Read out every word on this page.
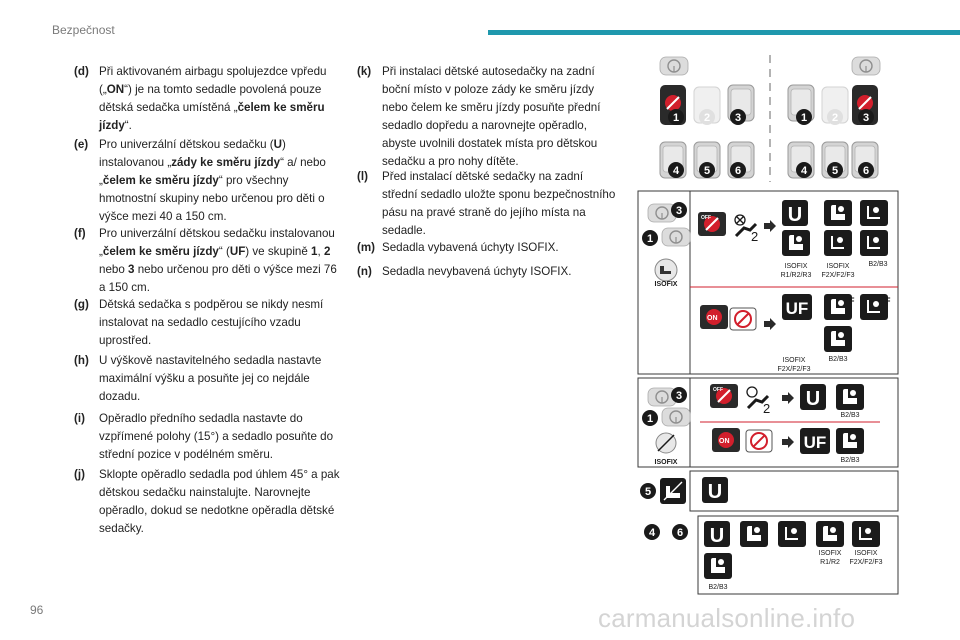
Bezpečnost
(d) Při aktivovaném airbagu spolujezdce vpředu („ON“) je na tomto sedadle povolená pouze dětská sedačka umístěná „čelem ke směru jízdy“.
(e) Pro univerzální dětskou sedačku (U) instalovanou „zády ke směru jízdy“ a/ nebo „čelem ke směru jízdy“ pro všechny hmotnostní skupiny nebo určenou pro děti o výšce mezi 40 a 150 cm.
(f)	Pro univerzální dětskou sedačku instalovanou „čelem ke směru jízdy“ (UF) ve skupině 1, 2 nebo 3 nebo určenou pro děti o výšce mezi 76 a 150 cm.
(g) Dětská sedačka s podpěrou se nikdy nesmí instalovat na sedadlo cestujícího vzadu uprostřed.
(h) U výškově nastavitelného sedadla nastavte maximální výšku a posuňte jej co nejdále dozadu.
(i)	Opěradlo předního sedadla nastavte do vzpřímené polohy (15°) a sedadlo posuňte do střední pozice v podélném směru.
(j)	Sklopte opěradlo sedadla pod úhlem 45° a pak dětskou sedačku nainstalujte. Narovnejte opěradlo, dokud se nedotkne opěradla dětské sedačky.
(k) Při instalaci dětské autosedačky na zadní boční místo v poloze zády ke směru jízdy nebo čelem ke směru jízdy posuňte přední sedadlo dopředu a narovnejte opěradlo, abyste uvolnili dostatek místa pro dětskou sedačku a pro nohy dítěte.
(l)	Před instalací dětské sedačky na zadní střední sedadlo uložte sponu bezpečnostního pásu na pravé straně do jejího místa na sedadle.
(m) Sedadla vybavená úchyty ISOFIX.
(n) Sedadla nevybavená úchyty ISOFIX.
OFF
ON
1 2 3
4 5 6
1 2 3
4 5 6
3
1
ISOFIX
2
U
ISOFIX
R1/R2/R3
ISOFIX
F2X/F2/F3
B2/B3
UF	F	F
ISOFIX
F2X/F2/F3
B2/B3
3
1
ISOFIX
2 U
B2/B3
UF
B2/B3
5	U
4 6 U
ISOFIX
R1/R2
ISOFIX
F2X/F2/F3
B2/B3
96	carmanualsonline.info
